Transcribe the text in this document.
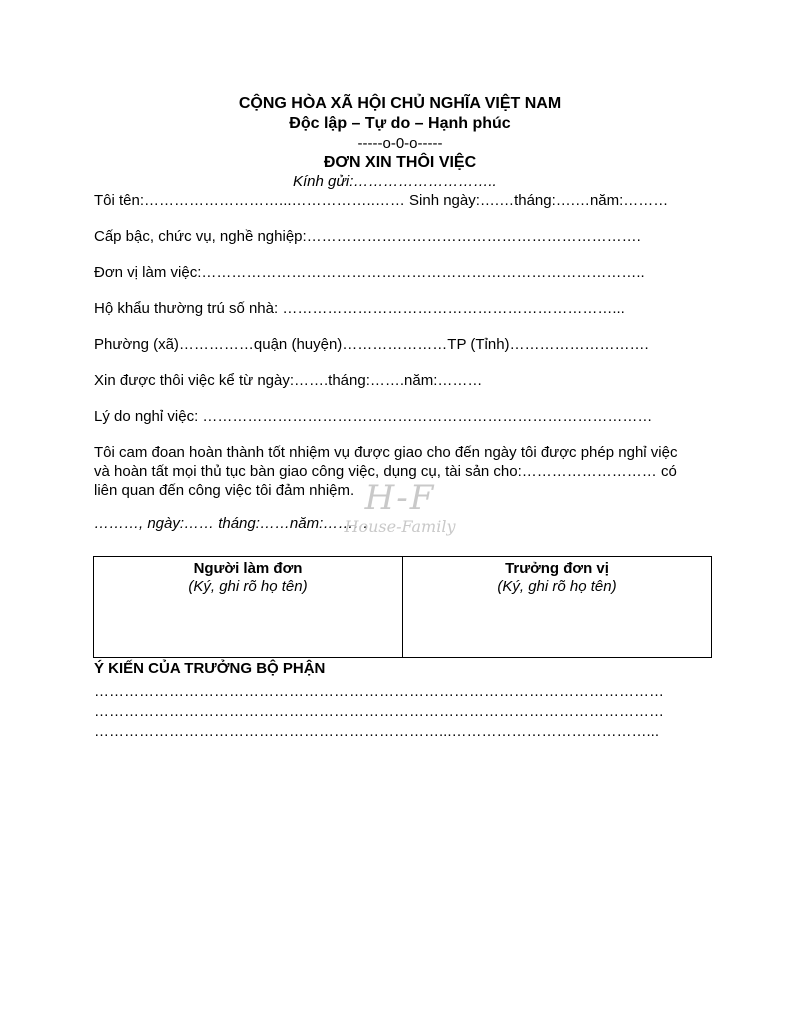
CỘNG HÒA XÃ HỘI CHỦ NGHĨA VIỆT NAM
Độc lập – Tự do – Hạnh phúc
-----o-0-o-----
ĐƠN XIN THÔI VIỆC
Kính gửi:………………………..
Tôi tên:………………………...……………..…… Sinh ngày:….…tháng:….…năm:………
Cấp bậc, chức vụ, nghề nghiệp:………………………………………………………….
Đơn vị làm việc:……………………………………………………………………………..
Hộ khẩu thường trú số nhà: …………………………………………………………...
Phường (xã)……………quận (huyện)…………………TP (Tỉnh)……………………….
Xin được thôi việc kể từ ngày:…….tháng:…….năm:………
Lý do nghỉ việc: ………………………………………………………………………………
Tôi cam đoan hoàn thành tốt nhiệm vụ được giao cho đến ngày tôi được phép nghỉ việc
và hoàn tất mọi thủ tục bàn giao công việc, dụng cụ, tài sản cho:……………………… có
liên quan đến công việc tôi đảm nhiệm.
………, ngày:…… tháng:……năm:………
H-F
House-Family
Người làm đơn
(Ký, ghi rõ họ tên)
Trưởng đơn vị
(Ký, ghi rõ họ tên)
Ý KIẾN CỦA TRƯỞNG BỘ PHẬN
……………………………………………………………………………………………………
……………………………………………………………………………………………………
……………………………………………………………...…………………………………...
